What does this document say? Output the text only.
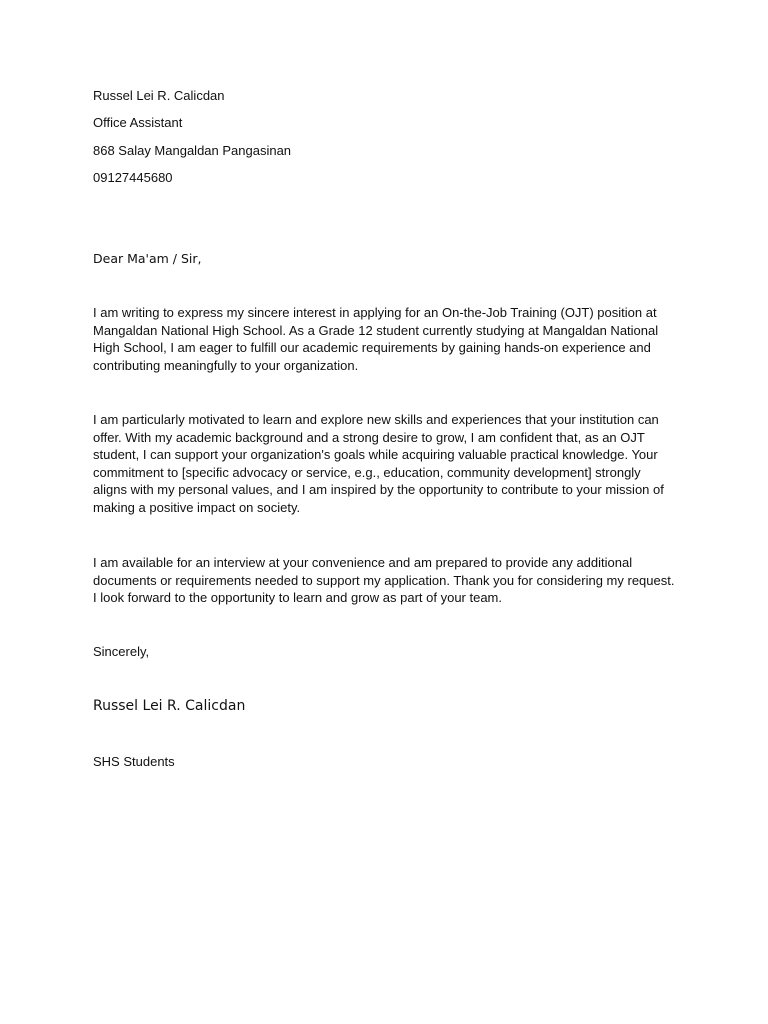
Russel Lei R. Calicdan
Office Assistant
868 Salay Mangaldan Pangasinan
09127445680
Dear Ma'am / Sir,

I am writing to express my sincere interest in applying for an On-the-Job Training (OJT) position at Mangaldan National High School. As a Grade 12 student currently studying at Mangaldan National High School, I am eager to fulfill our academic requirements by gaining hands-on experience and contributing meaningfully to your organization.

I am particularly motivated to learn and explore new skills and experiences that your institution can offer. With my academic background and a strong desire to grow, I am confident that, as an OJT student, I can support your organization's goals while acquiring valuable practical knowledge. Your commitment to [specific advocacy or service, e.g., education, community development] strongly aligns with my personal values, and I am inspired by the opportunity to contribute to your mission of making a positive impact on society.

I am available for an interview at your convenience and am prepared to provide any additional documents or requirements needed to support my application. Thank you for considering my request. I look forward to the opportunity to learn and grow as part of your team.

Sincerely,
Russel Lei R. Calicdan
SHS Students
